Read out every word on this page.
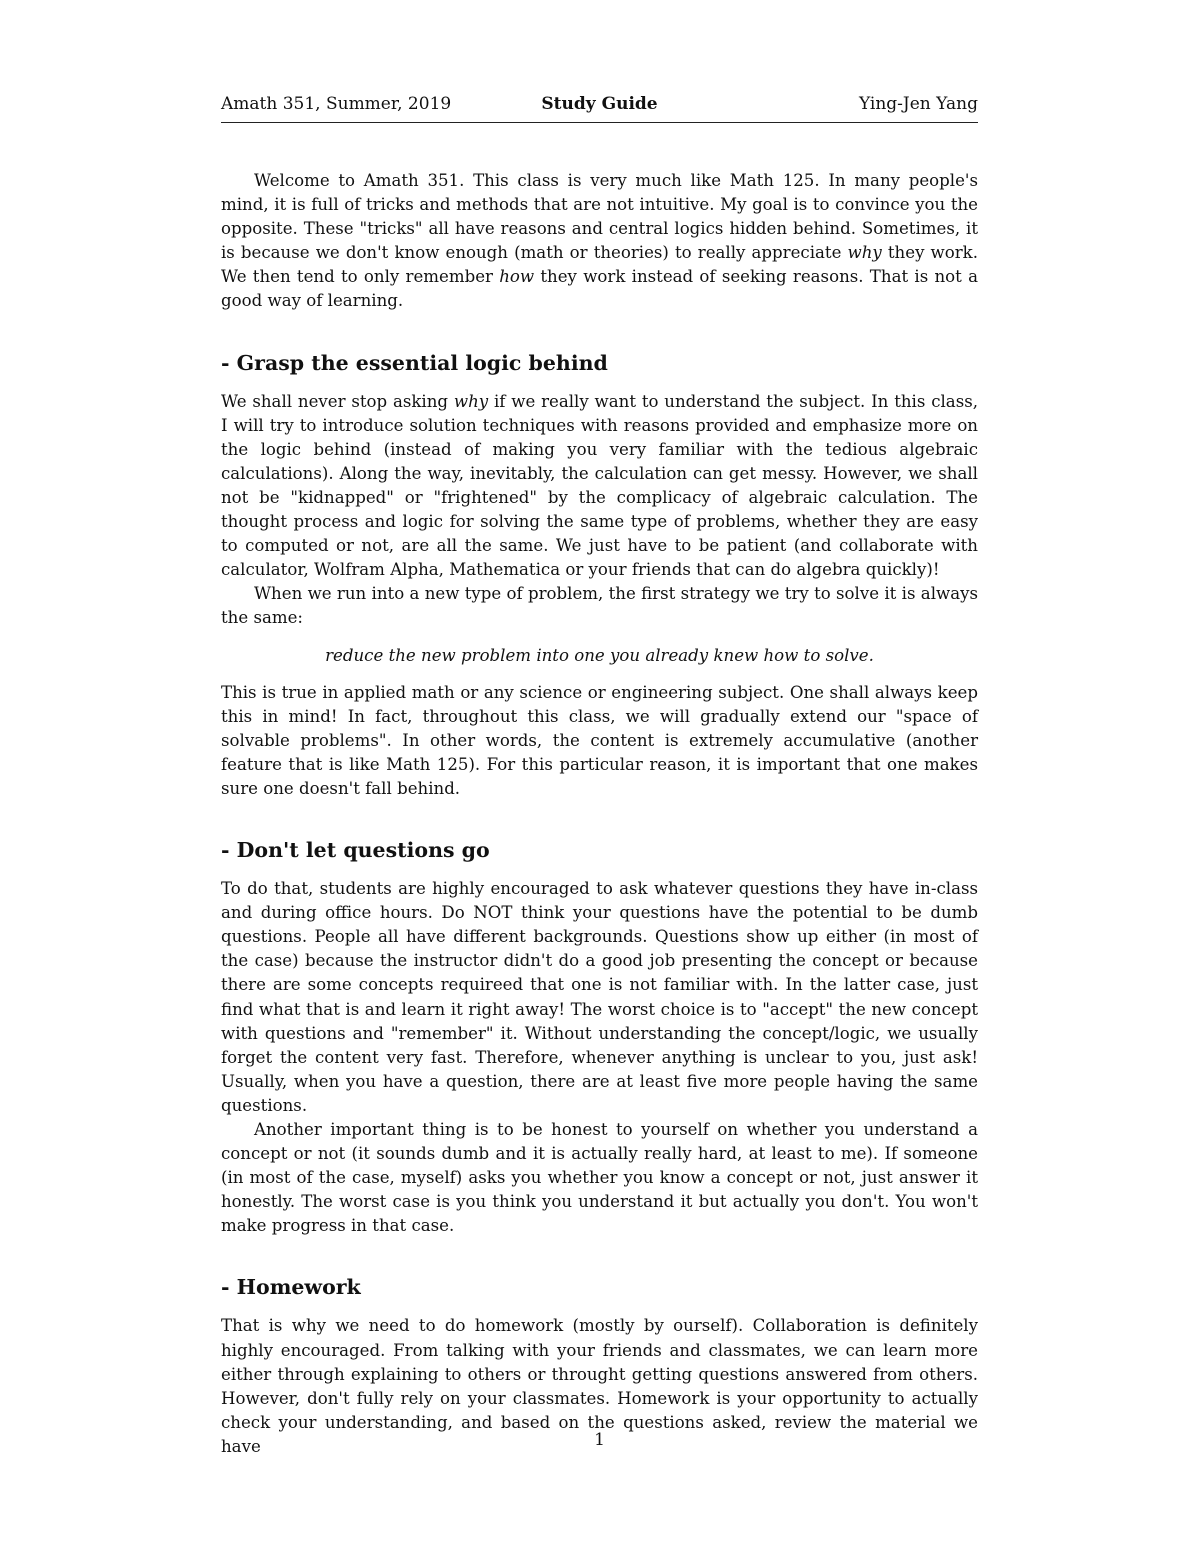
Amath 351, Summer, 2019	Study Guide	Ying-Jen Yang

Welcome to Amath 351. This class is very much like Math 125. In many people's mind, it is full of tricks and methods that are not intuitive. My goal is to convince you the opposite. These "tricks" all have reasons and central logics hidden behind. Sometimes, it is because we don't know enough (math or theories) to really appreciate why they work. We then tend to only remember how they work instead of seeking reasons. That is not a good way of learning.

- Grasp the essential logic behind

We shall never stop asking why if we really want to understand the subject. In this class, I will try to introduce solution techniques with reasons provided and emphasize more on the logic behind (instead of making you very familiar with the tedious algebraic calculations). Along the way, inevitably, the calculation can get messy. However, we shall not be "kidnapped" or "frightened" by the complicacy of algebraic calculation. The thought process and logic for solving the same type of problems, whether they are easy to computed or not, are all the same. We just have to be patient (and collaborate with calculator, Wolfram Alpha, Mathematica or your friends that can do algebra quickly)!

When we run into a new type of problem, the first strategy we try to solve it is always the same:

reduce the new problem into one you already knew how to solve.

This is true in applied math or any science or engineering subject. One shall always keep this in mind! In fact, throughout this class, we will gradually extend our "space of solvable problems". In other words, the content is extremely accumulative (another feature that is like Math 125). For this particular reason, it is important that one makes sure one doesn't fall behind.

- Don't let questions go

To do that, students are highly encouraged to ask whatever questions they have in-class and during office hours. Do NOT think your questions have the potential to be dumb questions. People all have different backgrounds. Questions show up either (in most of the case) because the instructor didn't do a good job presenting the concept or because there are some concepts requireed that one is not familiar with. In the latter case, just find what that is and learn it right away! The worst choice is to "accept" the new concept with questions and "remember" it. Without understanding the concept/logic, we usually forget the content very fast. Therefore, whenever anything is unclear to you, just ask! Usually, when you have a question, there are at least five more people having the same questions.

Another important thing is to be honest to yourself on whether you understand a concept or not (it sounds dumb and it is actually really hard, at least to me). If someone (in most of the case, myself) asks you whether you know a concept or not, just answer it honestly. The worst case is you think you understand it but actually you don't. You won't make progress in that case.

- Homework

That is why we need to do homework (mostly by ourself). Collaboration is definitely highly encouraged. From talking with your friends and classmates, we can learn more either through explaining to others or throught getting questions answered from others. However, don't fully rely on your classmates. Homework is your opportunity to actually check your understanding, and based on the questions asked, review the material we have	1
